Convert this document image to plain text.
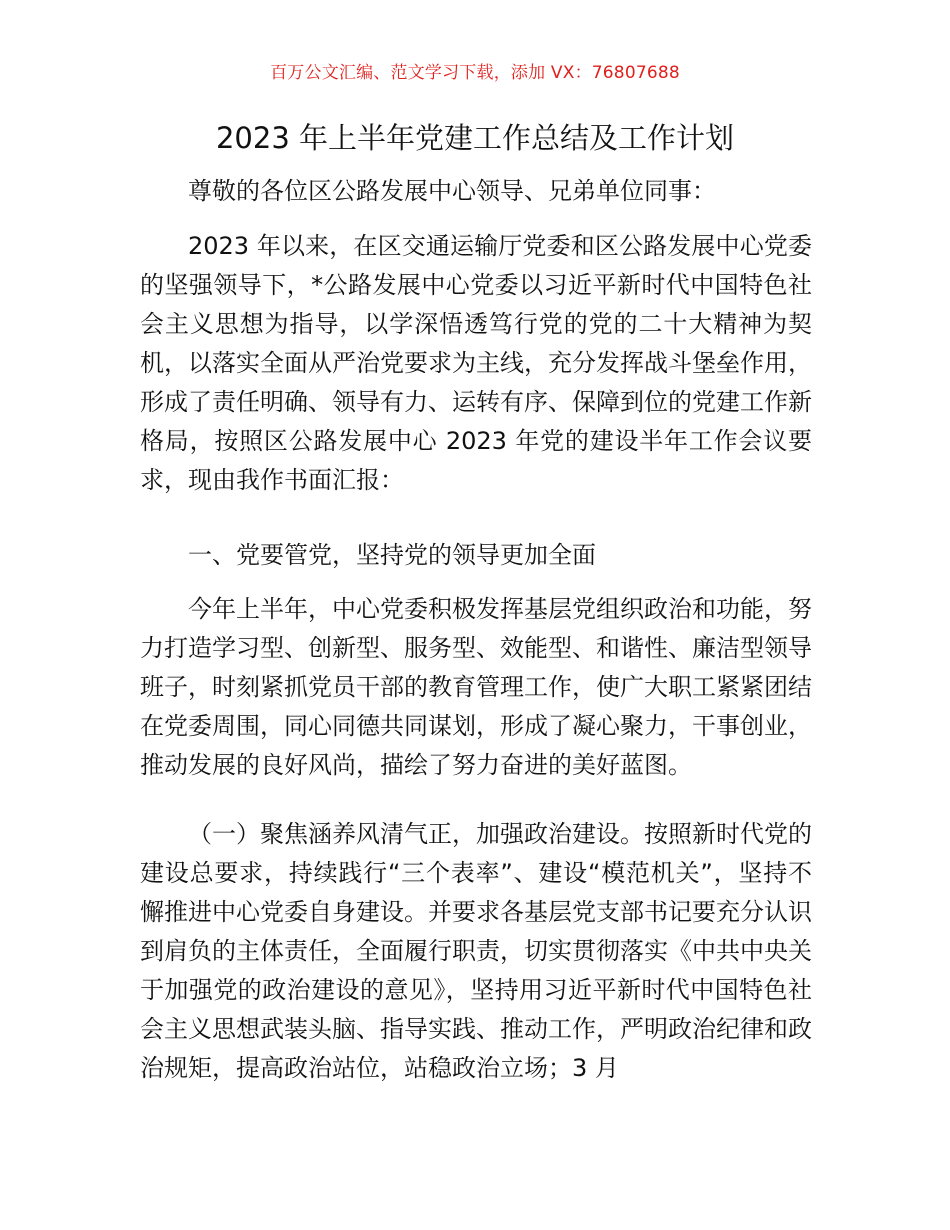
百万公文汇编、范文学习下载，添加 VX：76807688
2023 年上半年党建工作总结及工作计划

尊敬的各位区公路发展中心领导、兄弟单位同事：

2023 年以来，在区交通运输厅党委和区公路发展中心党委的坚强领导下，*公路发展中心党委以习近平新时代中国特色社会主义思想为指导，以学深悟透笃行党的党的二十大精神为契机，以落实全面从严治党要求为主线，充分发挥战斗堡垒作用，形成了责任明确、领导有力、运转有序、保障到位的党建工作新格局，按照区公路发展中心 2023 年党的建设半年工作会议要求，现由我作书面汇报：

一、党要管党，坚持党的领导更加全面

今年上半年，中心党委积极发挥基层党组织政治和功能，努力打造学习型、创新型、服务型、效能型、和谐性、廉洁型领导班子，时刻紧抓党员干部的教育管理工作，使广大职工紧紧团结在党委周围，同心同德共同谋划，形成了凝心聚力，干事创业，推动发展的良好风尚，描绘了努力奋进的美好蓝图。

（一）聚焦涵养风清气正，加强政治建设。按照新时代党的建设总要求，持续践行“三个表率”、建设“模范机关”，坚持不懈推进中心党委自身建设。并要求各基层党支部书记要充分认识到肩负的主体责任，全面履行职责，切实贯彻落实《中共中央关于加强党的政治建设的意见》，坚持用习近平新时代中国特色社会主义思想武装头脑、指导实践、推动工作，严明政治纪律和政治规矩，提高政治站位，站稳政治立场；3 月
